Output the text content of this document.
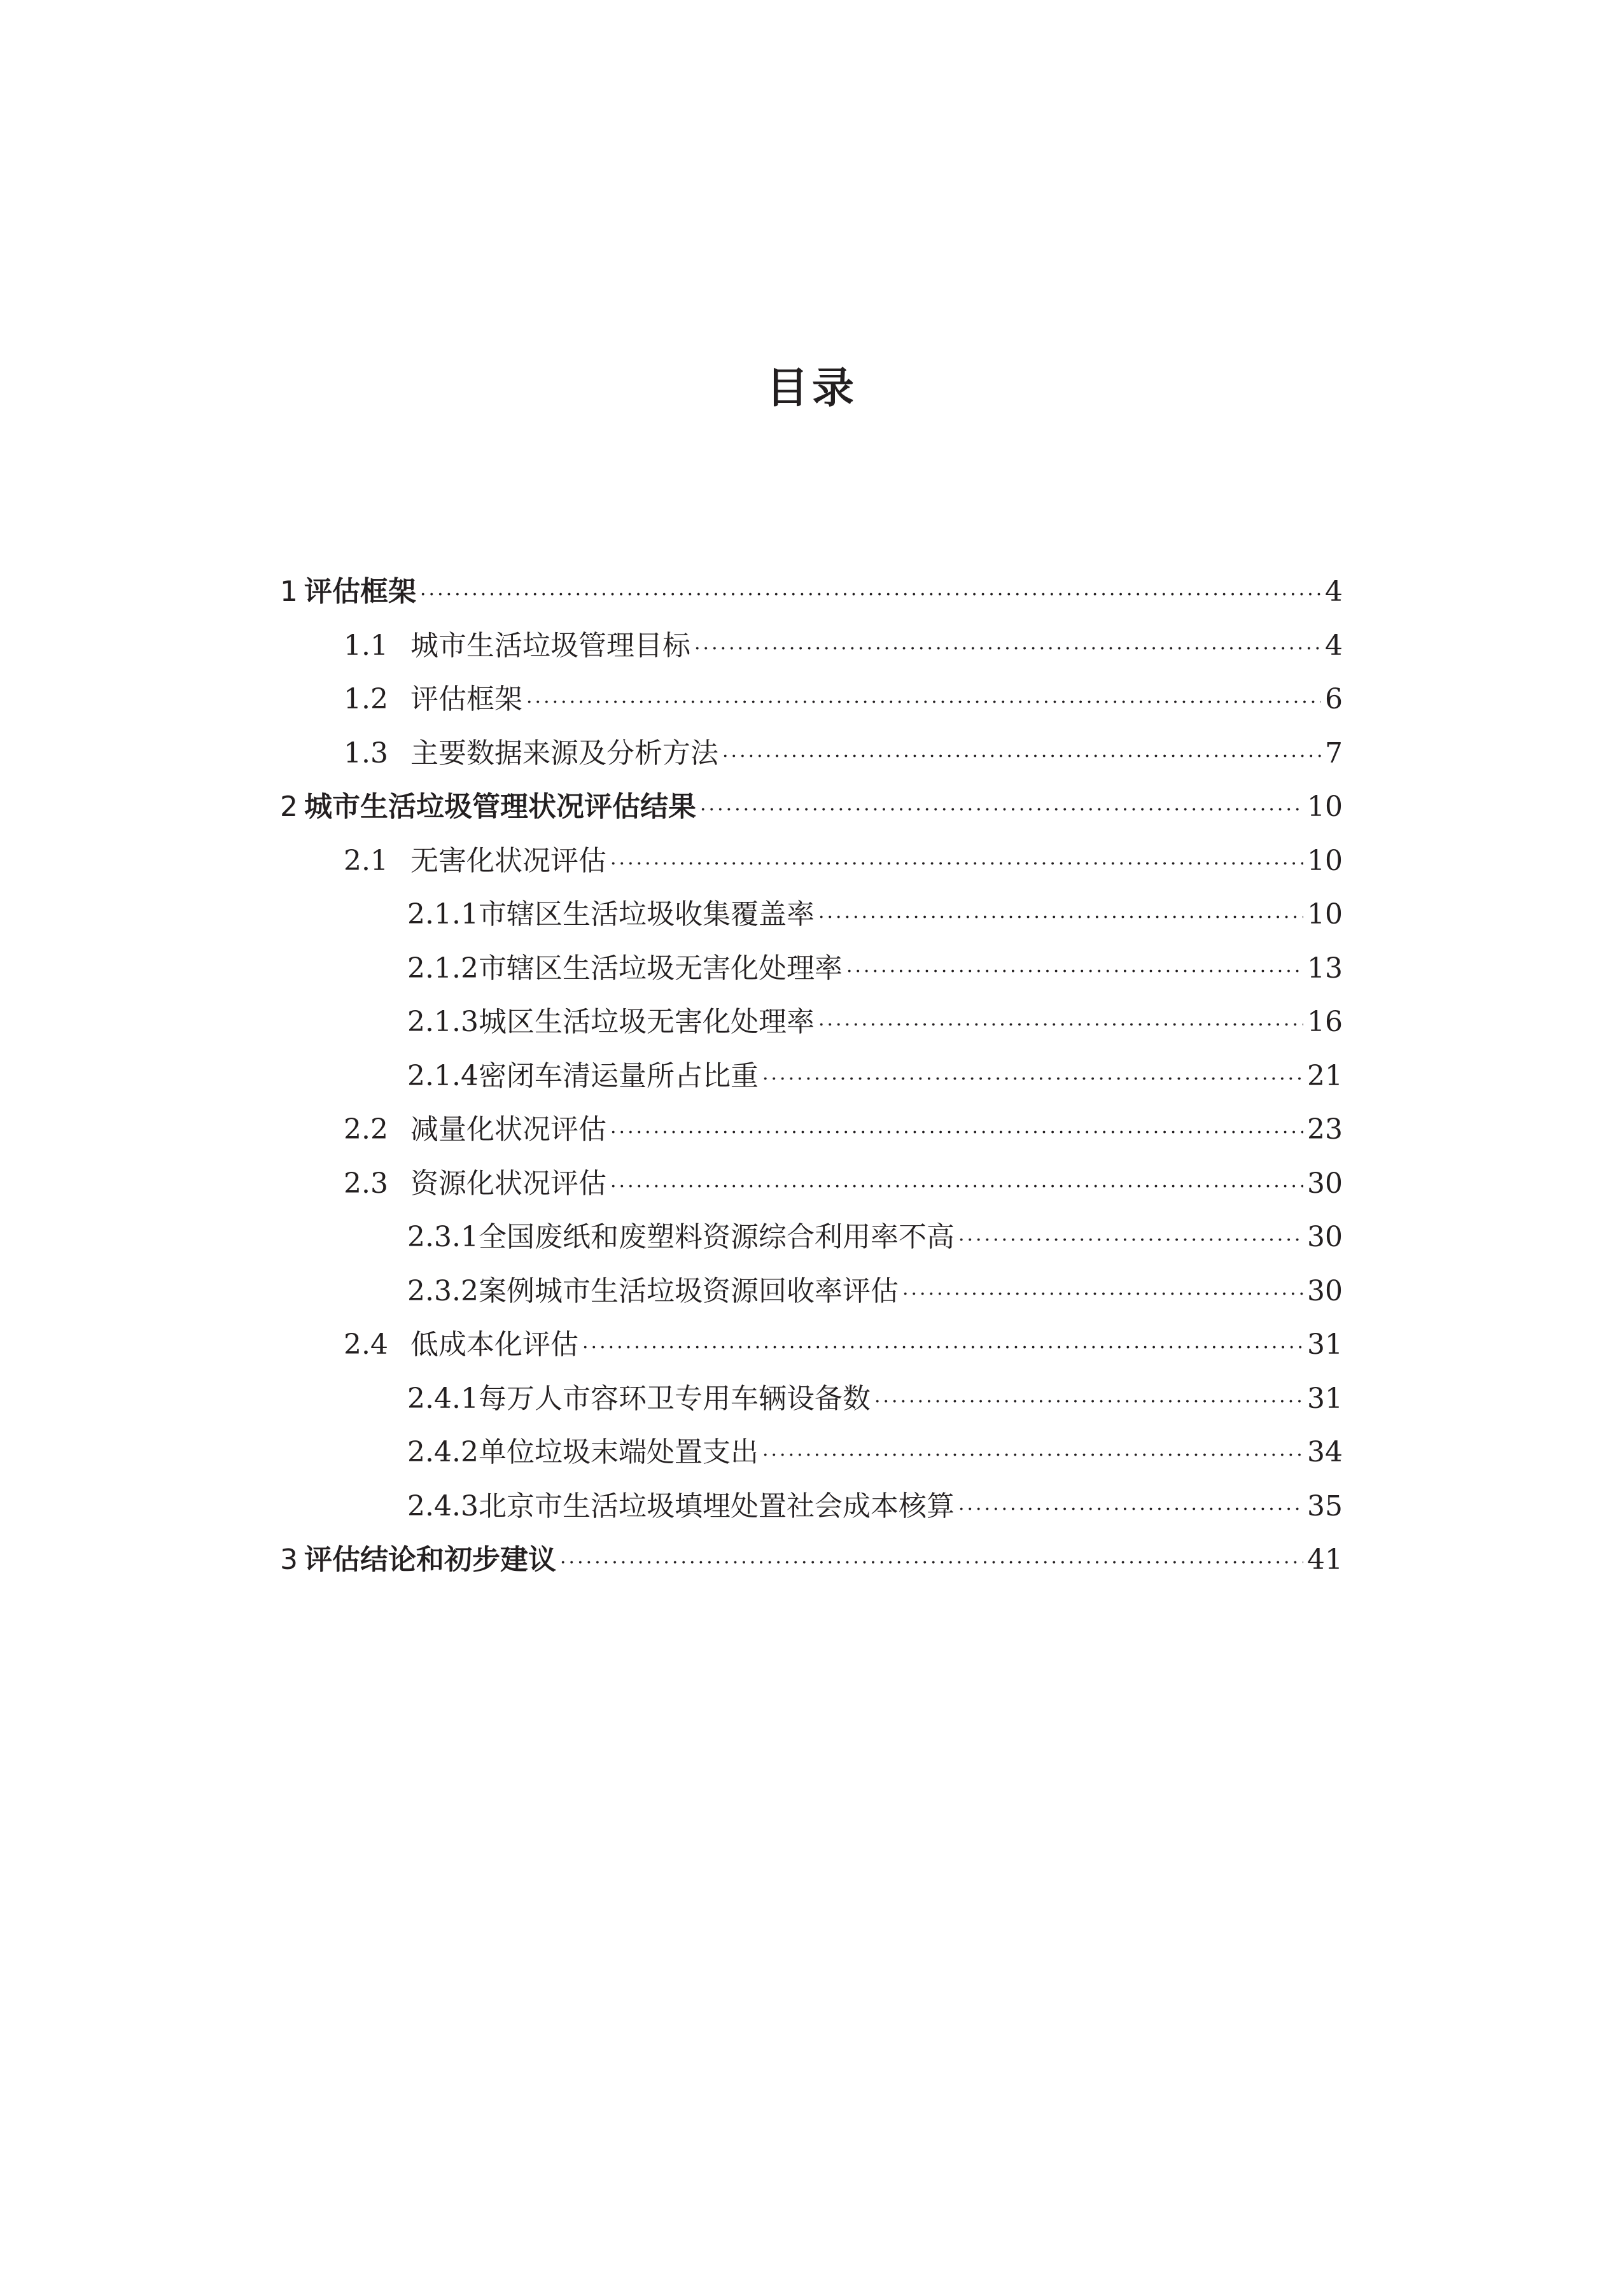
目录
1 评估框架 ·····	4
1.1 城市生活垃圾管理目标 ·····	4
1.2 评估框架 ·····	6
1.3 主要数据来源及分析方法 ·····	7
2 城市生活垃圾管理状况评估结果 ·····	10
2.1 无害化状况评估 ·····	10
2.1.1 市辖区生活垃圾收集覆盖率 ·····	10
2.1.2 市辖区生活垃圾无害化处理率 ·····	13
2.1.3 城区生活垃圾无害化处理率 ·····	16
2.1.4 密闭车清运量所占比重 ·····	21
2.2 减量化状况评估 ·····	23
2.3 资源化状况评估 ·····	30
2.3.1 全国废纸和废塑料资源综合利用率不高 ·····	30
2.3.2 案例城市生活垃圾资源回收率评估 ·····	30
2.4 低成本化评估 ·····	31
2.4.1 每万人市容环卫专用车辆设备数 ·····	31
2.4.2 单位垃圾末端处置支出 ·····	34
2.4.3 北京市生活垃圾填埋处置社会成本核算 ·····	35
3 评估结论和初步建议 ·····	41
